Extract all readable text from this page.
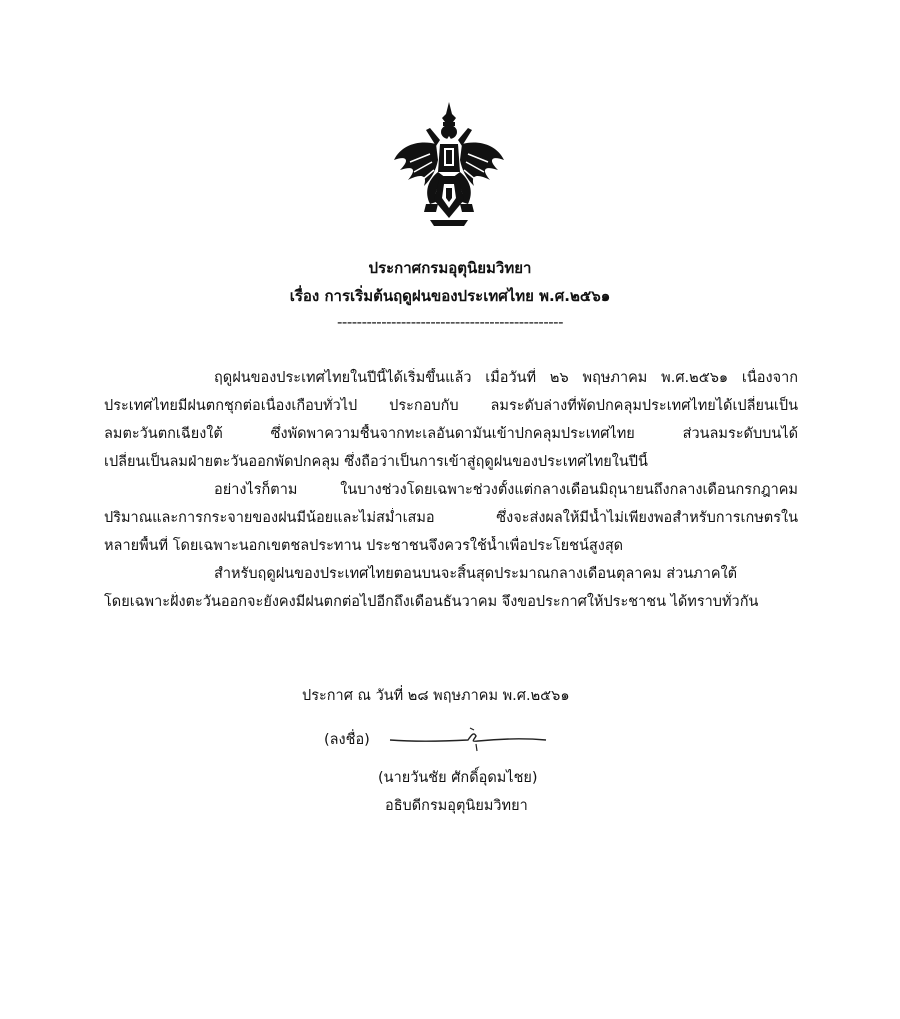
ประกาศกรมอุตุนิยมวิทยา
เรื่อง การเริ่มต้นฤดูฝนของประเทศไทย พ.ศ.๒๕๖๑
----------------------------------------------
ฤดูฝนของประเทศไทยในปีนี้ได้เริ่มขึ้นแล้ว เมื่อวันที่ ๒๖ พฤษภาคม พ.ศ.๒๕๖๑ เนื่องจาก
ประเทศไทยมีฝนตกชุกต่อเนื่องเกือบทั่วไป ประกอบกับ ลมระดับล่างที่พัดปกคลุมประเทศไทยได้เปลี่ยนเป็น
ลมตะวันตกเฉียงใต้ ซึ่งพัดพาความชื้นจากทะเลอันดามันเข้าปกคลุมประเทศไทย ส่วนลมระดับบนได้
เปลี่ยนเป็นลมฝ่ายตะวันออกพัดปกคลุม ซึ่งถือว่าเป็นการเข้าสู่ฤดูฝนของประเทศไทยในปีนี้
อย่างไรก็ตาม ในบางช่วงโดยเฉพาะช่วงตั้งแต่กลางเดือนมิถุนายนถึงกลางเดือนกรกฎาคม
ปริมาณและการกระจายของฝนมีน้อยและไม่สม่ำเสมอ ซึ่งจะส่งผลให้มีน้ำไม่เพียงพอสำหรับการเกษตรใน
หลายพื้นที่ โดยเฉพาะนอกเขตชลประทาน ประชาชนจึงควรใช้น้ำเพื่อประโยชน์สูงสุด
สำหรับฤดูฝนของประเทศไทยตอนบนจะสิ้นสุดประมาณกลางเดือนตุลาคม ส่วนภาคใต้
โดยเฉพาะฝั่งตะวันออกจะยังคงมีฝนตกต่อไปอีกถึงเดือนธันวาคม จึงขอประกาศให้ประชาชน ได้ทราบทั่วกัน
ประกาศ ณ วันที่ ๒๘ พฤษภาคม พ.ศ.๒๕๖๑
(ลงชื่อ)
(นายวันชัย ศักดิ์อุดมไชย)
อธิบดีกรมอุตุนิยมวิทยา
